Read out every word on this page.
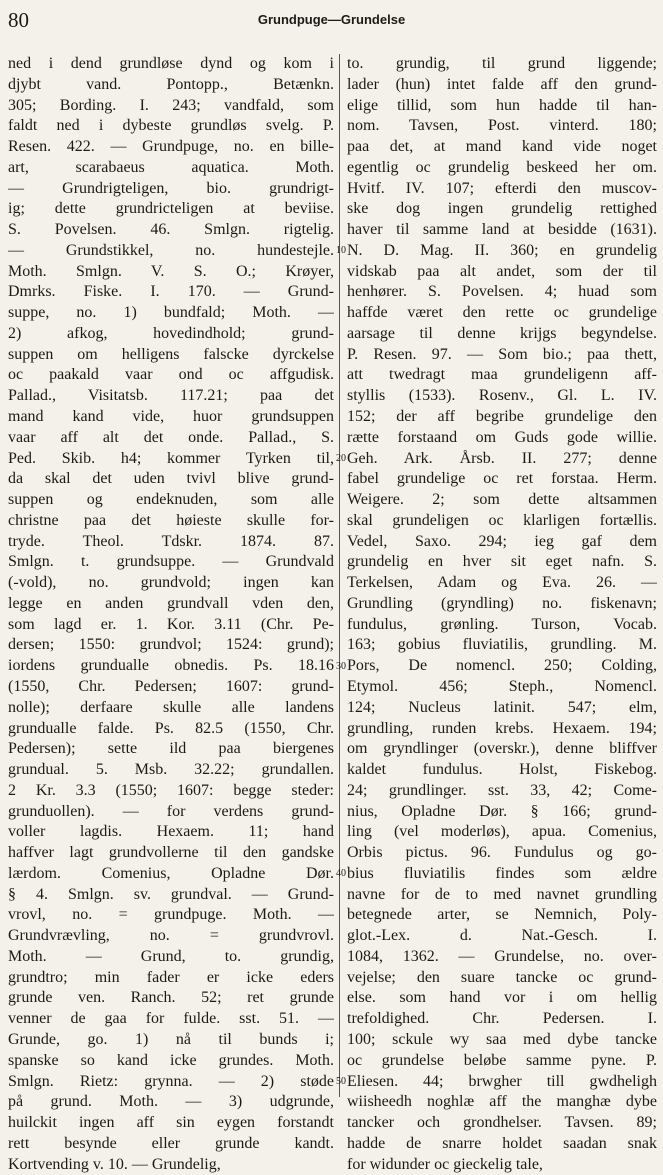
80	Grundpuge—Grundelse
ned i dend grundløse dynd og kom i
djybt vand. Pontopp., Betænkn.
305; Bording. I. 243; vandfald, som
faldt ned i dybeste grundløs svelg. P.
Resen. 422. — Grundpuge, no. en bille-
art, scarabaeus aquatica. Moth.
— Grundrigteligen, bio. grundrigt-
ig; dette grundricteligen at beviise.
S. Povelsen. 46. Smlgn. rigtelig.
— Grundstikkel, no. hundestejle.
Moth. Smlgn. V. S. O.; Krøyer,
Dmrks. Fiske. I. 170. — Grund-
suppe, no. 1) bundfald; Moth. —
2) afkog, hovedindhold; grund-
suppen om helligens falscke dyrckelse
oc paakald vaar ond oc affgudisk.
Pallad., Visitatsb. 117.21; paa det
mand kand vide, huor grundsuppen
vaar aff alt det onde. Pallad., S.
Ped. Skib. h4; kommer Tyrken til,
da skal det uden tvivl blive grund-
suppen og endeknuden, som alle
christne paa det høieste skulle for-
tryde. Theol. Tdskr. 1874. 87.
Smlgn. t. grundsuppe. — Grundvald
(-vold), no. grundvold; ingen kan
legge en anden grundvall vden den,
som lagd er. 1. Kor. 3.11 (Chr. Pe-
dersen; 1550: grundvol; 1524: grund);
iordens grundualle obnedis. Ps. 18.16
(1550, Chr. Pedersen; 1607: grund-
nolle); derfaare skulle alle landens
grundualle falde. Ps. 82.5 (1550, Chr.
Pedersen); sette ild paa biergenes
grundual. 5. Msb. 32.22; grundallen.
2 Kr. 3.3 (1550; 1607: begge steder:
grunduollen). — for verdens grund-
voller lagdis. Hexaem. 11; hand
haffver lagt grundvollerne til den gandske
lærdom. Comenius, Opladne Dør.
§ 4. Smlgn. sv. grundval. — Grund-
vrovl, no. = grundpuge. Moth. —
Grundvrævling, no. = grundvrovl.
Moth. — Grund, to. grundig,
grundtro; min fader er icke eders
grunde ven. Ranch. 52; ret grunde
venner de gaa for fulde. sst. 51. —
Grunde, go. 1) nå til bunds i;
spanske so kand icke grundes. Moth.
Smlgn. Rietz: grynna. — 2) støde
på grund. Moth. — 3) udgrunde,
huilckit ingen aff sin eygen forstandt
rett besynde eller grunde kandt.
Kortvending v. 10. — Grundelig,
to. grundig, til grund liggende;
lader (hun) intet falde aff den grund-
elige tillid, som hun hadde til han-
nom. Tavsen, Post. vinterd. 180;
paa det, at mand kand vide noget
egentlig oc grundelig beskeed her om.
Hvitf. IV. 107; efterdi den muscov-
ske dog ingen grundelig rettighed
haver til samme land at besidde (1631).
N. D. Mag. II. 360; en grundelig
vidskab paa alt andet, som der til
henhører. S. Povelsen. 4; huad som
haffde været den rette oc grundelige
aarsage til denne krijgs begyndelse.
P. Resen. 97. — Som bio.; paa thett,
att twedragt maa grundeligenn aff-
styllis (1533). Rosenv., Gl. L. IV.
152; der aff begribe grundelige den
rætte forstaand om Guds gode willie.
Geh. Ark. Årsb. II. 277; denne
fabel grundelige oc ret forstaa. Herm.
Weigere. 2; som dette altsammen
skal grundeligen oc klarligen fortællis.
Vedel, Saxo. 294; ieg gaf dem
grundelig en hver sit eget nafn. S.
Terkelsen, Adam og Eva. 26. —
Grundling (gryndling) no. fiskenavn;
fundulus, grønling. Turson, Vocab.
163; gobius fluviatilis, grundling. M.
Pors, De nomencl. 250; Colding,
Etymol. 456; Steph., Nomencl.
124; Nucleus latinit. 547; elm,
grundling, runden krebs. Hexaem. 194;
om gryndlinger (overskr.), denne bliffver
kaldet fundulus. Holst, Fiskebog.
24; grundlinger. sst. 33, 42; Come-
nius, Opladne Dør. § 166; grund-
ling (vel moderløs), apua. Comenius,
Orbis pictus. 96. Fundulus og go-
bius fluviatilis findes som ældre
navne for de to med navnet grundling
betegnede arter, se Nemnich, Poly-
glot.-Lex. d. Nat.-Gesch. I.
1084, 1362. — Grundelse, no. over-
vejelse; den suare tancke oc grund-
else. som hand vor i om hellig
trefoldighed. Chr. Pedersen. I.
100; sckule wy saa med dybe tancke
oc grundelse beløbe samme pyne. P.
Eliesen. 44; brwgher till gwdheligh
wiisheedh noghlæ aff the manghæ dybe
tancker och grondhelser. Tavsen. 89;
hadde de snarre holdet saadan snak
for widunder oc gieckelig tale,
10
20
30
40
50
